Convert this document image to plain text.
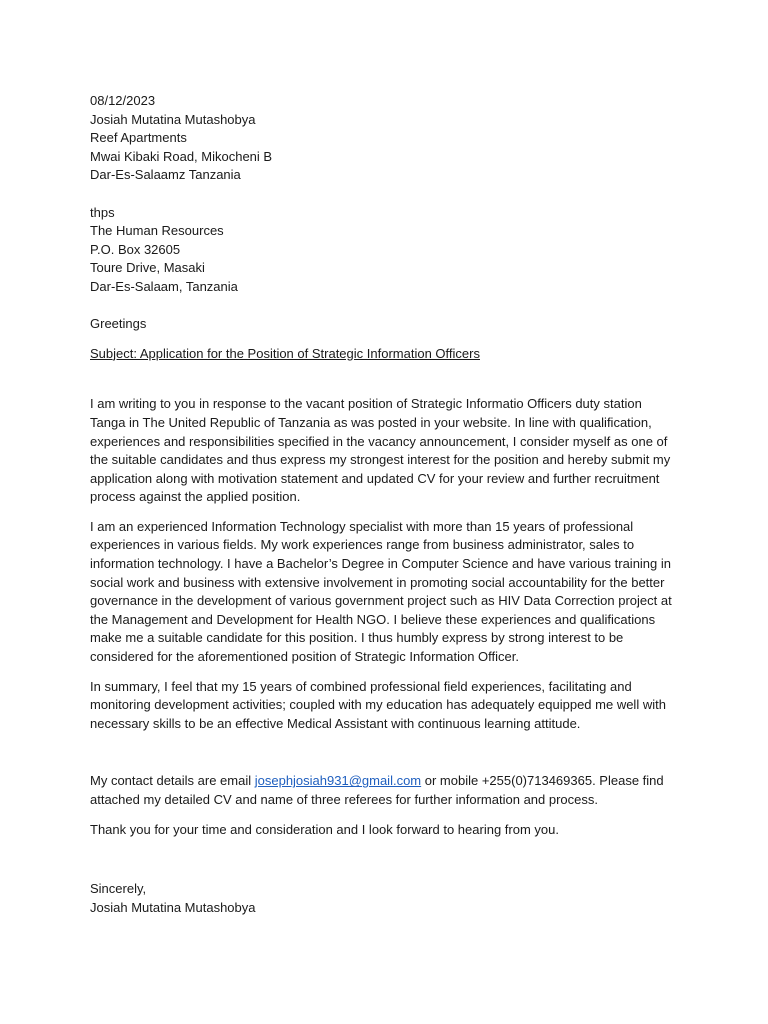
08/12/2023
Josiah Mutatina Mutashobya
Reef Apartments
Mwai Kibaki Road, Mikocheni B
Dar-Es-Salaamz Tanzania
thps
The Human Resources
P.O. Box 32605
Toure Drive, Masaki
Dar-Es-Salaam, Tanzania
Greetings
Subject: Application for the Position of Strategic Information Officers

I am writing to you in response to the vacant position of Strategic Informatio Officers duty station Tanga in The United Republic of Tanzania as was posted in your website. In line with qualification, experiences and responsibilities specified in the vacancy announcement, I consider myself as one of the suitable candidates and thus express my strongest interest for the position and hereby submit my application along with motivation statement and updated CV for your review and further recruitment process against the applied position.

I am an experienced Information Technology specialist with more than 15 years of professional experiences in various fields. My work experiences range from business administrator, sales to information technology. I have a Bachelor’s Degree in Computer Science and have various training in social work and business with extensive involvement in promoting social accountability for the better governance in the development of various government project such as HIV Data Correction project at the Management and Development for Health NGO. I believe these experiences and qualifications make me a suitable candidate for this position. I thus humbly express by strong interest to be considered for the aforementioned position of Strategic Information Officer.

In summary, I feel that my 15 years of combined professional field experiences, facilitating and monitoring development activities; coupled with my education has adequately equipped me well with necessary skills to be an effective Medical Assistant with continuous learning attitude.

My contact details are email josephjosiah931@gmail.com or mobile +255(0)713469365. Please find attached my detailed CV and name of three referees for further information and process.

Thank you for your time and consideration and I look forward to hearing from you.

Sincerely,
Josiah Mutatina Mutashobya
